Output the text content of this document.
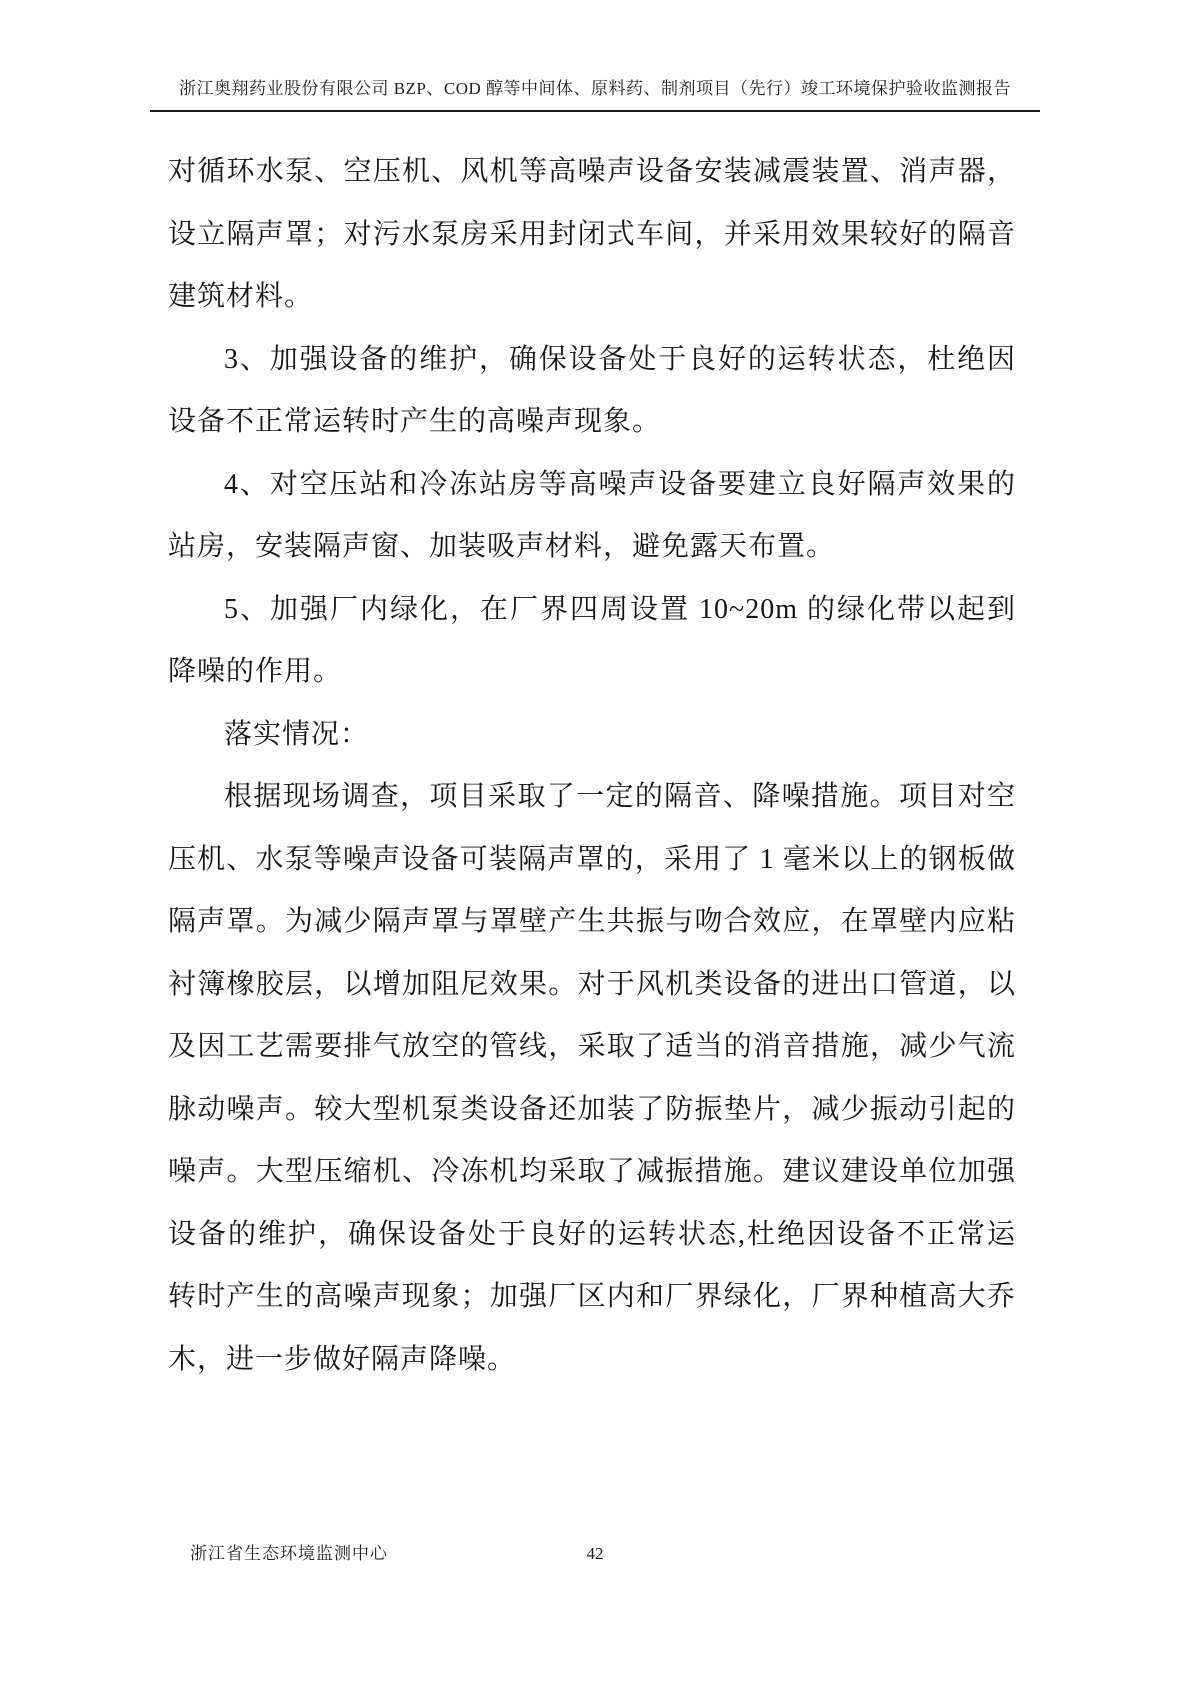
浙江奥翔药业股份有限公司 BZP、COD 醇等中间体、原料药、制剂项目（先行）竣工环境保护验收监测报告

对循环水泵、空压机、风机等高噪声设备安装减震装置、消声器，设立隔声罩；对污水泵房采用封闭式车间，并采用效果较好的隔音建筑材料。

3、加强设备的维护，确保设备处于良好的运转状态，杜绝因设备不正常运转时产生的高噪声现象。

4、对空压站和冷冻站房等高噪声设备要建立良好隔声效果的站房，安装隔声窗、加装吸声材料，避免露天布置。

5、加强厂内绿化，在厂界四周设置 10~20m 的绿化带以起到降噪的作用。

落实情况：

根据现场调查，项目采取了一定的隔音、降噪措施。项目对空压机、水泵等噪声设备可装隔声罩的，采用了 1 毫米以上的钢板做隔声罩。为减少隔声罩与罩壁产生共振与吻合效应，在罩壁内应粘衬簿橡胶层，以增加阻尼效果。对于风机类设备的进出口管道，以及因工艺需要排气放空的管线，采取了适当的消音措施，减少气流脉动噪声。较大型机泵类设备还加装了防振垫片，减少振动引起的噪声。大型压缩机、冷冻机均采取了减振措施。建议建设单位加强设备的维护，确保设备处于良好的运转状态,杜绝因设备不正常运转时产生的高噪声现象；加强厂区内和厂界绿化，厂界种植高大乔木，进一步做好隔声降噪。

42
浙江省生态环境监测中心
